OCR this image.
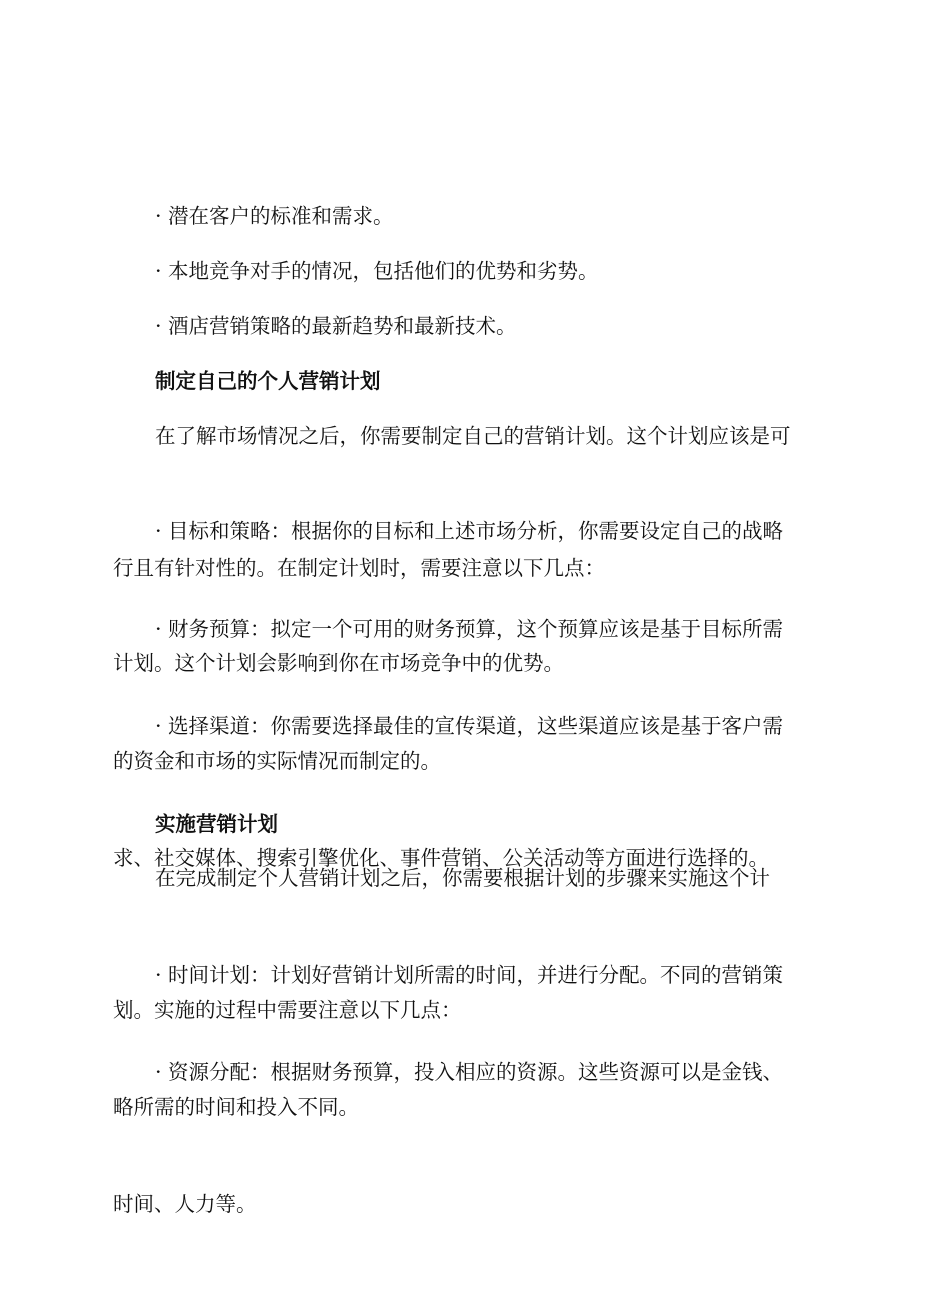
· 潜在客户的标准和需求。

· 本地竞争对手的情况，包括他们的优势和劣势。

· 酒店营销策略的最新趋势和最新技术。

制定自己的个人营销计划

在了解市场情况之后，你需要制定自己的营销计划。这个计划应该是可

行且有针对性的。在制定计划时，需要注意以下几点：

· 目标和策略：根据你的目标和上述市场分析，你需要设定自己的战略

计划。这个计划会影响到你在市场竞争中的优势。

· 财务预算：拟定一个可用的财务预算，这个预算应该是基于目标所需

的资金和市场的实际情况而制定的。

· 选择渠道：你需要选择最佳的宣传渠道，这些渠道应该是基于客户需

求、社交媒体、搜索引擎优化、事件营销、公关活动等方面进行选择的。

实施营销计划

在完成制定个人营销计划之后，你需要根据计划的步骤来实施这个计

划。实施的过程中需要注意以下几点：

· 时间计划：计划好营销计划所需的时间，并进行分配。不同的营销策

略所需的时间和投入不同。

· 资源分配：根据财务预算，投入相应的资源。这些资源可以是金钱、

时间、人力等。
